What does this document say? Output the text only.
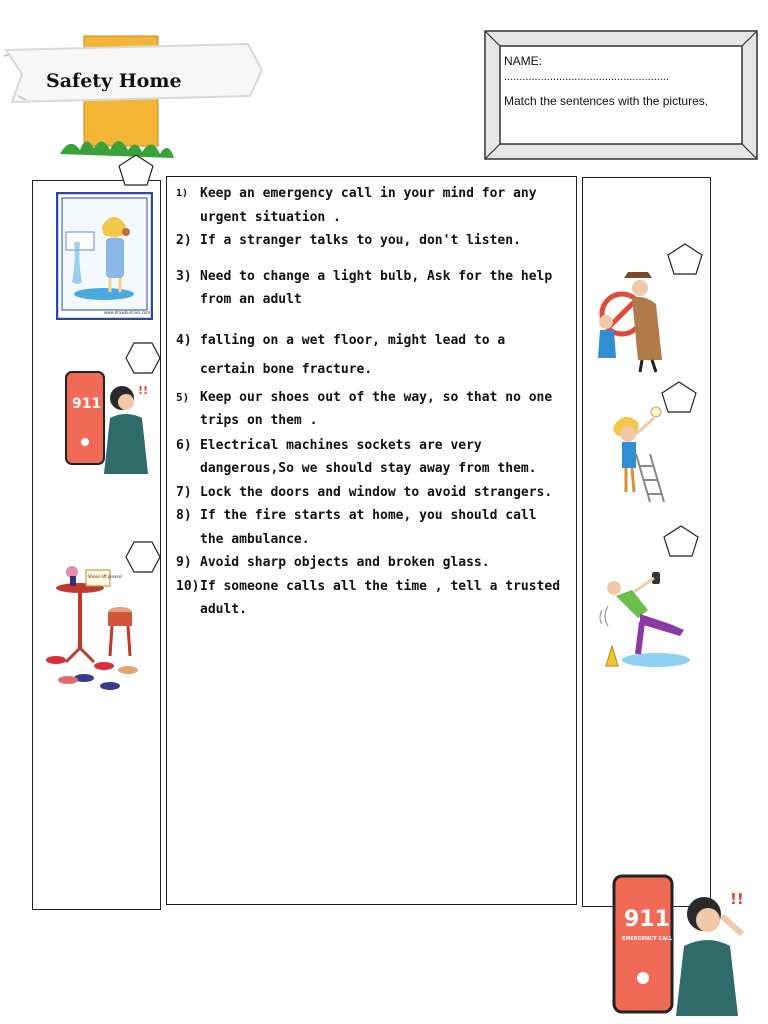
Safety Home
NAME:
......................................................
Match the sentences with the pictures.
1) Keep an emergency call in your mind for any urgent situation .
2) If a stranger talks to you, don't listen.
3) Need to change a light bulb, Ask for the help from an adult
4) falling on a wet floor, might lead to a certain bone fracture.
5) Keep our shoes out of the way, so that no one trips on them .
6) Electrical machines sockets are very dangerous,So we should stay away from them.
7) Lock the doors and window to avoid strangers.
8) If the fire starts at home, you should call the ambulance.
9) Avoid sharp objects and broken glass.
10) If someone calls all the time , tell a trusted adult.
www.drawbunnies.com
911
!!
Shoes off please!
911
EMERGENCY CALL
!!
